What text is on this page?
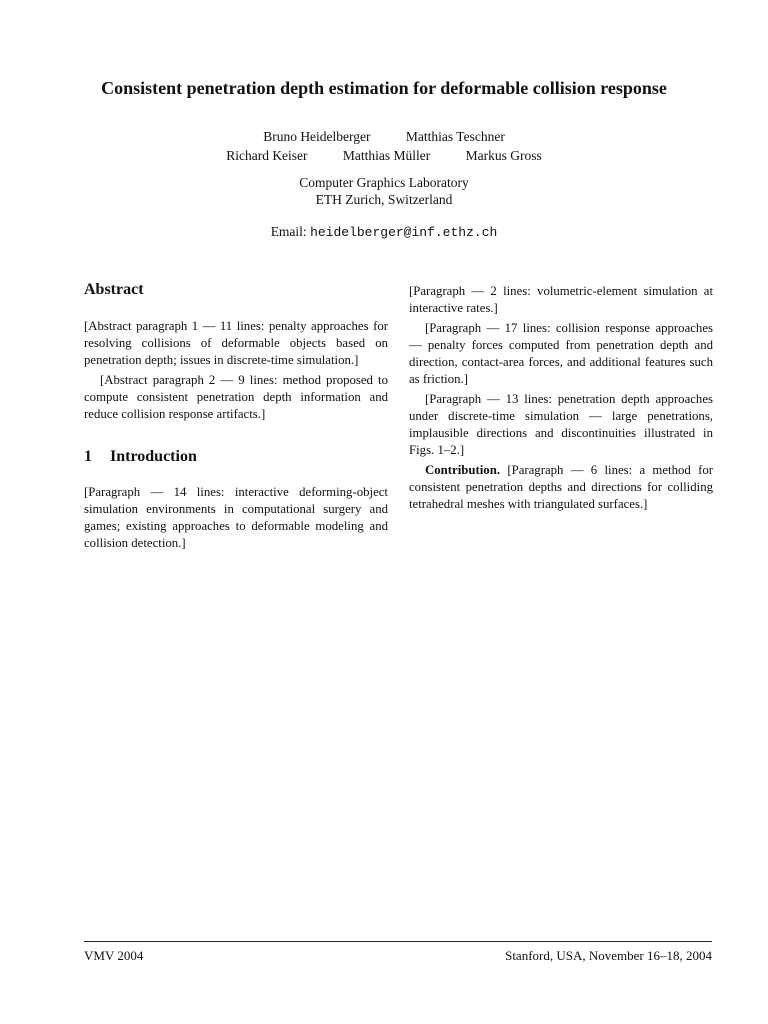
Consistent penetration depth estimation for deformable collision response
Bruno Heidelberger	Matthias Teschner
Richard Keiser	Matthias Müller	Markus Gross
Computer Graphics Laboratory
ETH Zurich, Switzerland
Email: heidelberger@inf.ethz.ch
Abstract

[Abstract paragraph 1 — 11 lines: penalty approaches for resolving collisions of deformable objects based on penetration depth; issues in discrete-time simulation.]

[Abstract paragraph 2 — 9 lines: method proposed to compute consistent penetration depth information and reduce collision response artifacts.]

1 Introduction

[Paragraph — 14 lines: interactive deforming-object simulation environments in computational surgery and games; existing approaches to deformable modeling and collision detection.]

[Paragraph — 2 lines: volumetric-element simulation at interactive rates.]

[Paragraph — 17 lines: collision response approaches — penalty forces computed from penetration depth and direction, contact-area forces, and additional features such as friction.]

[Paragraph — 13 lines: penetration depth approaches under discrete-time simulation — large penetrations, implausible directions and discontinuities illustrated in Figs. 1–2.]

Contribution. [Paragraph — 6 lines: a method for consistent penetration depths and directions for colliding tetrahedral meshes with triangulated surfaces.]

VMV 2004	Stanford, USA, November 16–18, 2004
